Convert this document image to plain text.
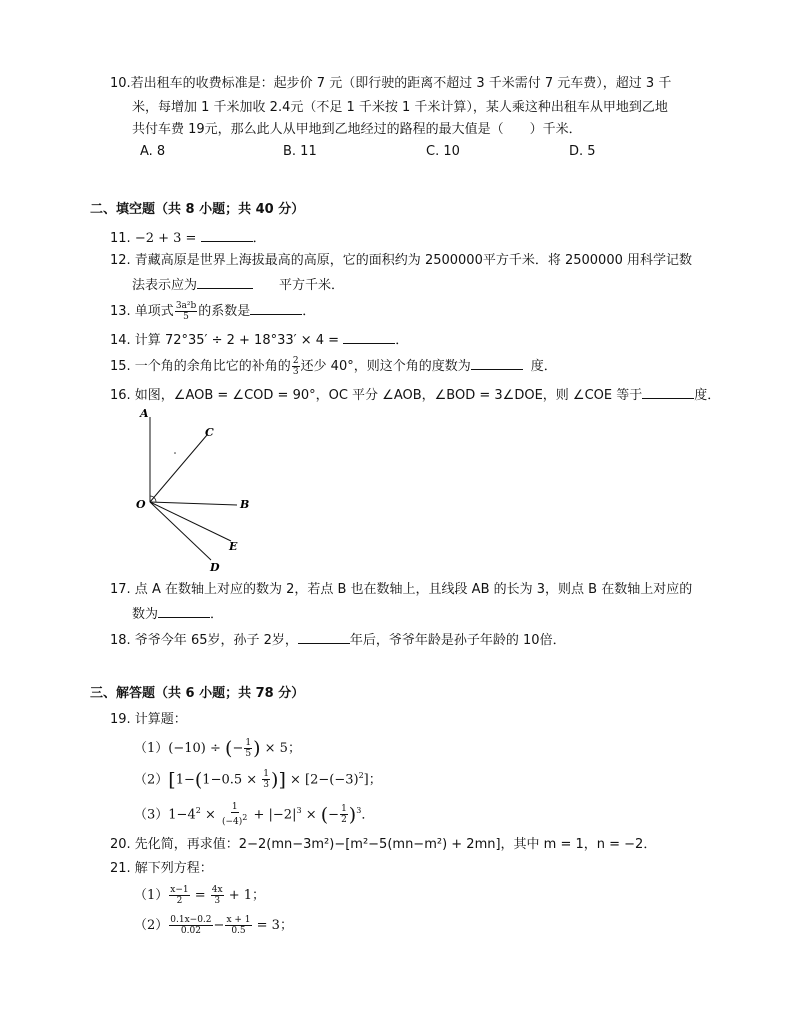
10.若出租车的收费标准是：起步价 7 元（即行驶的距离不超过 3 千米需付 7 元车费），超过 3 千
米，每增加 1 千米加收 2.4元（不足 1 千米按 1 千米计算），某人乘这种出租车从甲地到乙地
共付车费 19元，那么此人从甲地到乙地经过的路程的最大值是（　　）千米．
A. 8	B. 11	C. 10	D. 5
二、填空题（共 8 小题；共 40 分）
11. −2 + 3 =	．
12. 青藏高原是世界上海拔最高的高原，它的面积约为 2500000平方千米．将 2500000 用科学记数
法表示应为	平方千米．
13. 单项式 $\frac{\text{3a²b}}{5}$ 的系数是	．
14. 计算 72°35′ ÷ 2 + 18°33′ × 4 =	．
15. 一个角的余角比它的补角的 $\frac{2}{3}$ 还少 40°，则这个角的度数为	度．
16. 如图，∠AOB = ∠COD = 90°，OC 平分 ∠AOB，∠BOD = 3∠DOE，则 ∠COE 等于	度．
A
C
O	B
E
D
17. 点 A 在数轴上对应的数为 2，若点 B 也在数轴上，且线段 AB 的长为 3，则点 B 在数轴上对应的
数为	．
18. 爷爷今年 65岁，孙子 2岁，	年后，爷爷年龄是孙子年龄的 10倍．
三、解答题（共 6 小题；共 78 分）
19. 计算题：
（1）(−10) ÷ (− $\frac{1}{5}$ ) × 5；
$(2)[1-(1-0.5 \times \frac{1}{3}$ )] × $[2-(-3)^2]$；
$(3)1-4^2 \times \frac{1}{(-4)^2} + |-2|^3$ × (− $\frac{1}{2} )^3$．
20. 先化简，再求值：2−2(mn−3m²)−[m²−5(mn−m²) + 2mn]，其中 m = 1，n = −2．
21. 解下列方程：
$(1) \frac{x-1}{2} = \frac{4x}{3} + 1$；
$(2) \frac{0.1x-0.2}{0.02} - \frac{x + 1}{0.5} = 3$；
